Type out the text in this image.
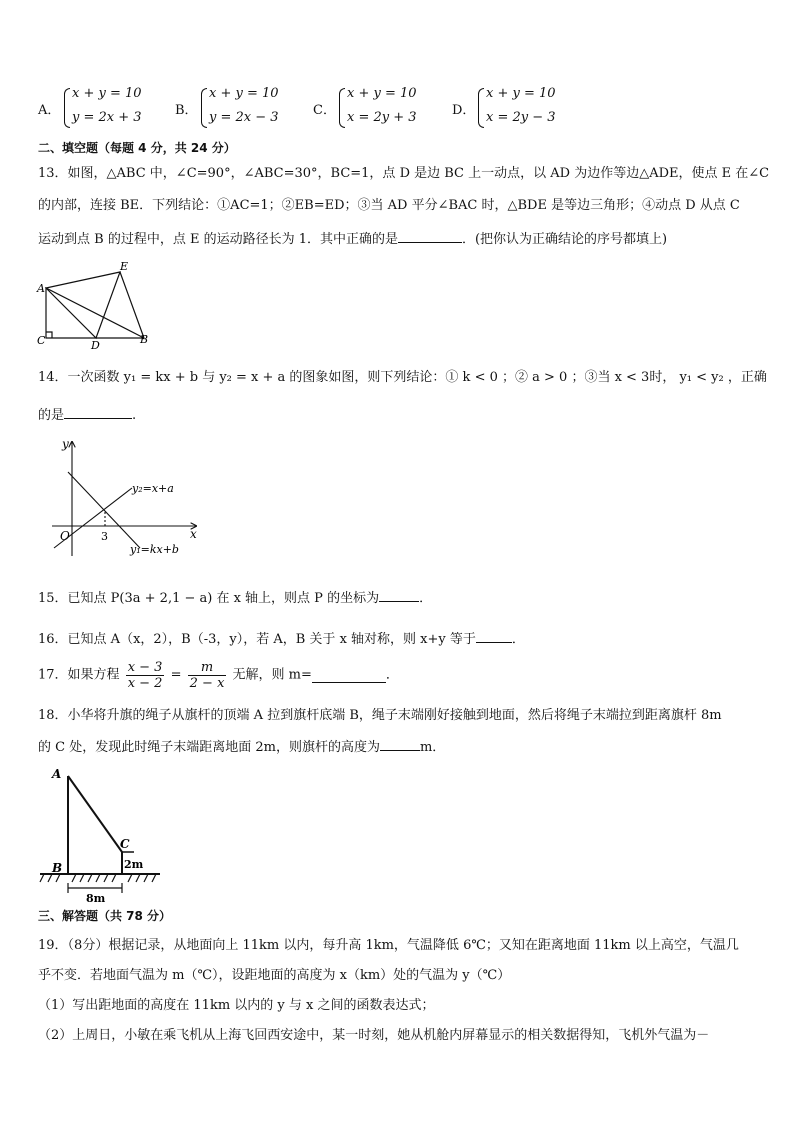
A．
x + y = 10
y = 2x + 3	B．
x + y = 10
y = 2x − 3	C．
x + y = 10
x = 2y + 3	D．
x + y = 10
x = 2y − 3
二、填空题（每题 4 分，共 24 分）
13．如图，△ABC 中，∠C=90°，∠ABC=30°，BC=1，点 D 是边 BC 上一动点，以 AD 为边作等边△ADE，使点 E 在∠C
的内部，连接 BE．下列结论：①AC=1；②EB=ED；③当 AD 平分∠BAC 时，△BDE 是等边三角形；④动点 D 从点 C
运动到点 B 的过程中，点 E 的运动路径长为 1．其中正确的是	．(把你认为正确结论的序号都填上)
A
E
C	D	B
14．一次函数 y₁ = kx + b 与 y₂ = x + a 的图象如图，则下列结论：① k < 0 ；② a > 0 ；③当 x < 3时， y₁ < y₂ ，正确
的是	.
y
x
O	3
y₂=x+a
y₁=kx+b
15．已知点 P(3a + 2,1 − a) 在 x 轴上，则点 P 的坐标为	．
16．已知点 A（x，2），B（-3，y），若 A，B 关于 x 轴对称，则 x+y 等于	．
17．如果方程 $\frac{x - 3}{x - 2} = \frac{m}{2 - x}$ 无解，则 m=	．
18．小华将升旗的绳子从旗杆的顶端 A 拉到旗杆底端 B，绳子末端刚好接触到地面，然后将绳子末端拉到距离旗杆 8m
的 C 处，发现此时绳子末端距离地面 2m，则旗杆的高度为	m．
A
B
C
2m
8m
三、解答题（共 78 分）
19．（8分）根据记录，从地面向上 11km 以内，每升高 1km，气温降低 6℃；又知在距离地面 11km 以上高空，气温几
乎不变．若地面气温为 m（℃），设距地面的高度为 x（km）处的气温为 y（℃）
（1）写出距地面的高度在 11km 以内的 y 与 x 之间的函数表达式；
（2）上周日，小敏在乘飞机从上海飞回西安途中，某一时刻，她从机舱内屏幕显示的相关数据得知，飞机外气温为－
